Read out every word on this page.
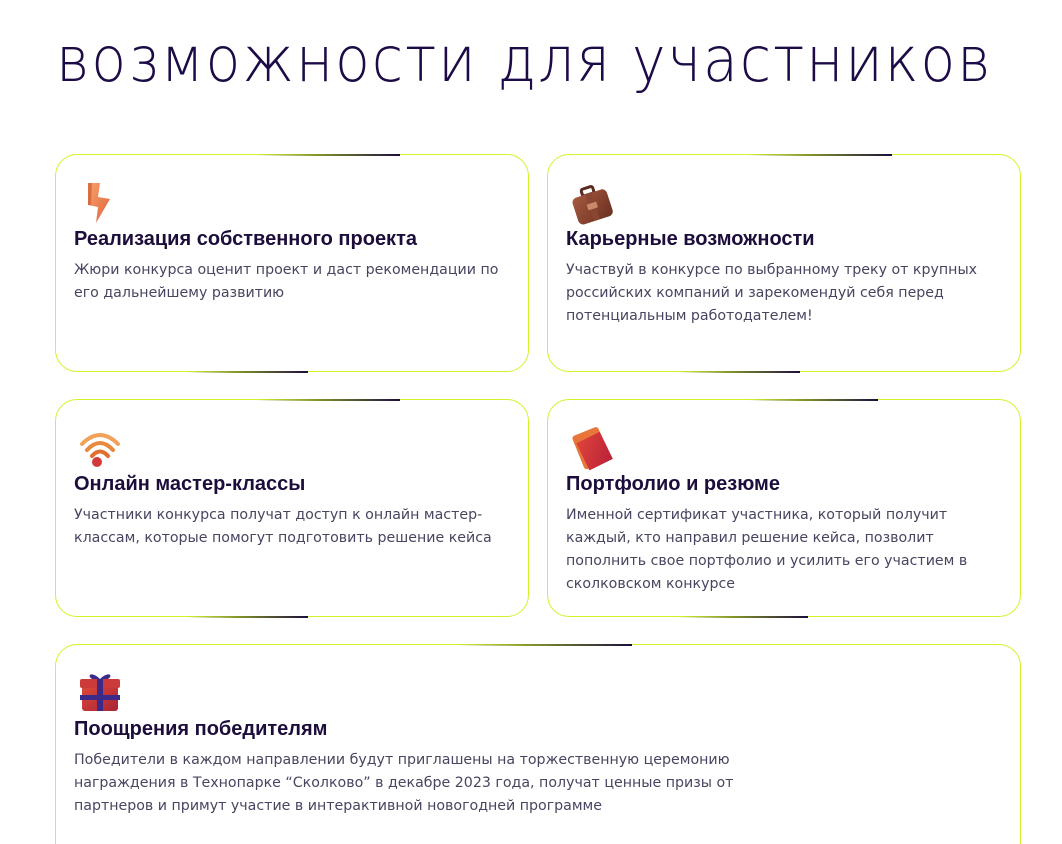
возможности для участников
Реализация собственного проекта
Жюри конкурса оценит проект и даст рекомендации по его дальнейшему развитию
Карьерные возможности
Участвуй в конкурсе по выбранному треку от крупных российских компаний и зарекомендуй себя перед потенциальным работодателем!
Онлайн мастер-классы
Участники конкурса получат доступ к онлайн мастер-классам, которые помогут подготовить решение кейса
Портфолио и резюме
Именной сертификат участника, который получит каждый, кто направил решение кейса, позволит пополнить свое портфолио и усилить его участием в сколковском конкурсе
Поощрения победителям
Победители в каждом направлении будут приглашены на торжественную церемонию награждения в Технопарке “Сколково” в декабре 2023 года, получат ценные призы от партнеров и примут участие в интерактивной новогодней программе
